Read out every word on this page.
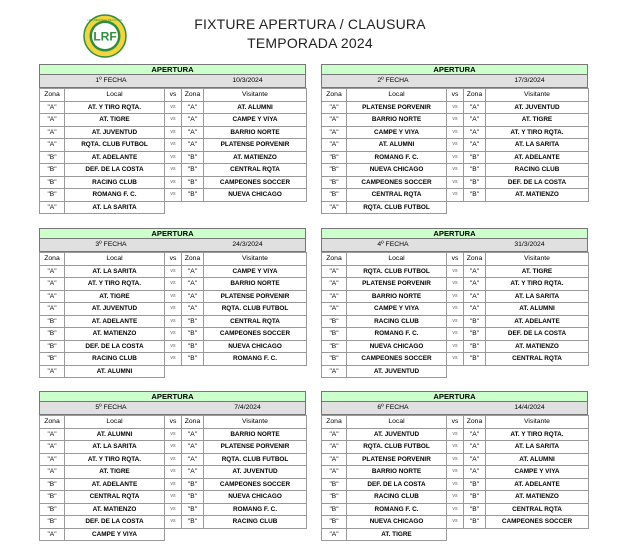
LRF
LIGA REGIONAL DE FUTBOL	FIXTURE APERTURA / CLAUSURA
TEMPORADA 2024
APERTURA
1º FECHA	10/3/2024
Zona	Local	vs	Zona	Visitante
"A"	AT. Y TIRO RQTA.	vs	"A"	AT. ALUMNI
"A"	AT. TIGRE	vs	"A"	CAMPE Y VIYA
"A"	AT. JUVENTUD	vs	"A"	BARRIO NORTE
"A"	RQTA. CLUB FUTBOL	vs	"A"	PLATENSE PORVENIR
"B"	AT. ADELANTE	vs	"B"	AT. MATIENZO
"B"	DEF. DE LA COSTA	vs	"B"	CENTRAL RQTA
"B"	RACING CLUB	vs	"B"	CAMPEONES SOCCER
"B"	ROMANG F. C.	vs	"B"	NUEVA CHICAGO
"A"	AT. LA SARITA			
APERTURA
2º FECHA	17/3/2024
Zona	Local	vs	Zona	Visitante
"A"	PLATENSE PORVENIR	vs	"A"	AT. JUVENTUD
"A"	BARRIO NORTE	vs	"A"	AT. TIGRE
"A"	CAMPE Y VIYA	vs	"A"	AT. Y TIRO RQTA.
"A"	AT. ALUMNI	vs	"A"	AT. LA SARITA
"B"	ROMANG F. C.	vs	"B"	AT. ADELANTE
"B"	NUEVA CHICAGO	vs	"B"	RACING CLUB
"B"	CAMPEONES SOCCER	vs	"B"	DEF. DE LA COSTA
"B"	CENTRAL RQTA	vs	"B"	AT. MATIENZO
"A"	RQTA. CLUB FUTBOL			
APERTURA
3º FECHA	24/3/2024
Zona	Local	vs	Zona	Visitante
"A"	AT. LA SARITA	vs	"A"	CAMPE Y VIYA
"A"	AT. Y TIRO RQTA.	vs	"A"	BARRIO NORTE
"A"	AT. TIGRE	vs	"A"	PLATENSE PORVENIR
"A"	AT. JUVENTUD	vs	"A"	RQTA. CLUB FUTBOL
"B"	AT. ADELANTE	vs	"B"	CENTRAL RQTA
"B"	AT. MATIENZO	vs	"B"	CAMPEONES SOCCER
"B"	DEF. DE LA COSTA	vs	"B"	NUEVA CHICAGO
"B"	RACING CLUB	vs	"B"	ROMANG F. C.
"A"	AT. ALUMNI			
APERTURA
4º FECHA	31/3/2024
Zona	Local	vs	Zona	Visitante
"A"	RQTA. CLUB FUTBOL	vs	"A"	AT. TIGRE
"A"	PLATENSE PORVENIR	vs	"A"	AT. Y TIRO RQTA.
"A"	BARRIO NORTE	vs	"A"	AT. LA SARITA
"A"	CAMPE Y VIYA	vs	"A"	AT. ALUMNI
"B"	RACING CLUB	vs	"B"	AT. ADELANTE
"B"	ROMANG F. C.	vs	"B"	DEF. DE LA COSTA
"B"	NUEVA CHICAGO	vs	"B"	AT. MATIENZO
"B"	CAMPEONES SOCCER	vs	"B"	CENTRAL RQTA
"A"	AT. JUVENTUD			
APERTURA
5º FECHA	7/4/2024
Zona	Local	vs	Zona	Visitante
"A"	AT. ALUMNI	vs	"A"	BARRIO NORTE
"A"	AT. LA SARITA	vs	"A"	PLATENSE PORVENIR
"A"	AT. Y TIRO RQTA.	vs	"A"	RQTA. CLUB FUTBOL
"A"	AT. TIGRE	vs	"A"	AT. JUVENTUD
"B"	AT. ADELANTE	vs	"B"	CAMPEONES SOCCER
"B"	CENTRAL RQTA	vs	"B"	NUEVA CHICAGO
"B"	AT. MATIENZO	vs	"B"	ROMANG F. C.
"B"	DEF. DE LA COSTA	vs	"B"	RACING CLUB
"A"	CAMPE Y VIYA			
APERTURA
6º FECHA	14/4/2024
Zona	Local	vs	Zona	Visitante
"A"	AT. JUVENTUD	vs	"A"	AT. Y TIRO RQTA.
"A"	RQTA. CLUB FUTBOL	vs	"A"	AT. LA SARITA
"A"	PLATENSE PORVENIR	vs	"A"	AT. ALUMNI
"A"	BARRIO NORTE	vs	"A"	CAMPE Y VIYA
"B"	DEF. DE LA COSTA	vs	"B"	AT. ADELANTE
"B"	RACING CLUB	vs	"B"	AT. MATIENZO
"B"	ROMANG F. C.	vs	"B"	CENTRAL RQTA
"B"	NUEVA CHICAGO	vs	"B"	CAMPEONES SOCCER
"A"	AT. TIGRE			
